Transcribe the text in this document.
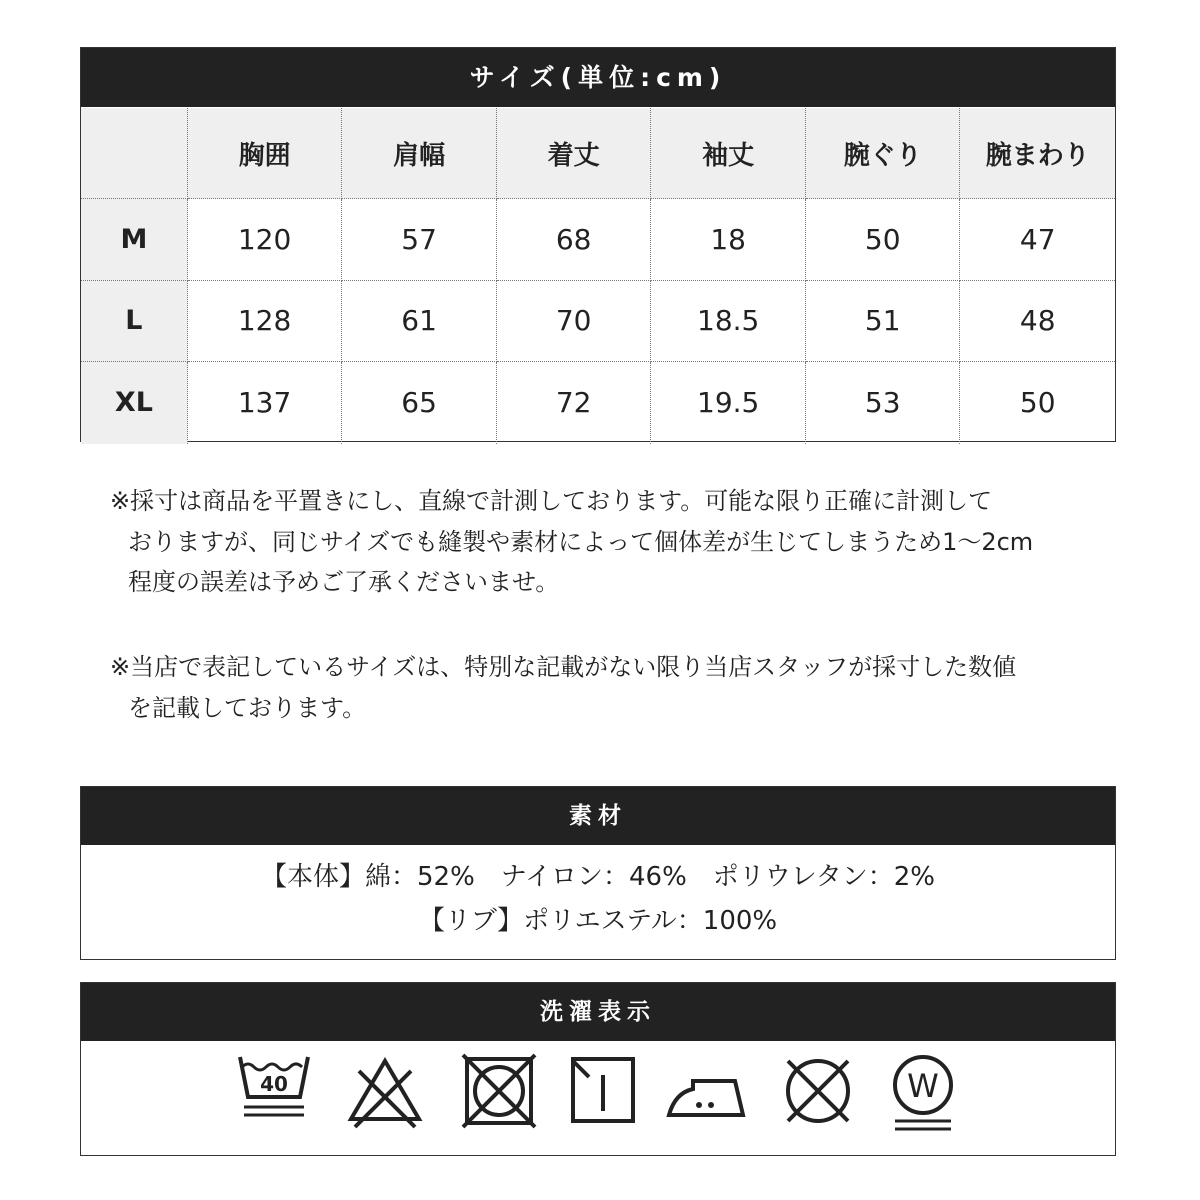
サイズ(単位:cm)
胸囲	肩幅	着丈	袖丈	腕ぐり	腕まわり
M	120	57	68	18	50	47
L	128	61	70	18.5	51	48
XL	137	65	72	19.5	53	50

※採寸は商品を平置きにし、直線で計測しております。可能な限り正確に計測して

おりますが、同じサイズでも縫製や素材によって個体差が生じてしまうため1～2cm

程度の誤差は予めご了承くださいませ。

※当店で表記しているサイズは、特別な記載がない限り当店スタッフが採寸した数値

を記載しております。

素材
【本体】綿：52%　ナイロン：46%　ポリウレタン：2%
【リブ】ポリエステル：100%
洗濯表示
40	W
